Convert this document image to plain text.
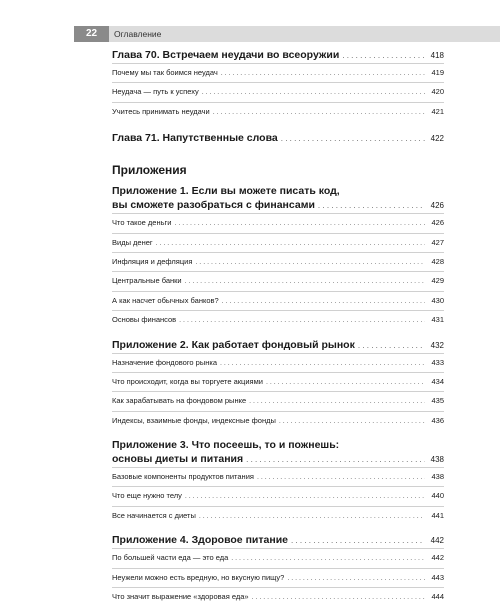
22	Оглавление
Глава 70. Встречаем неудачи во всеоружии . . .	418
Почему мы так боимся неудач . . .	419
Неудача — путь к успеху . . .	420
Учитесь принимать неудачи . . .	421
Глава 71. Напутственные слова . . .	422
Приложения
Приложение 1. Если вы можете писать код,
вы сможете разобраться с финансами . . .	426
Что такое деньги . . .	426
Виды денег . . .	427
Инфляция и дефляция . . .	428
Центральные банки . . .	429
А как насчет обычных банков? . . .	430
Основы финансов . . .	431
Приложение 2. Как работает фондовый рынок . . .	432
Назначение фондового рынка . . .	433
Что происходит, когда вы торгуете акциями . . .	434
Как зарабатывать на фондовом рынке . . .	435
Индексы, взаимные фонды, индексные фонды . . .	436
Приложение 3. Что посеешь, то и пожнешь:
основы диеты и питания . . .	438
Базовые компоненты продуктов питания . . .	438
Что еще нужно телу . . .	440
Все начинается с диеты . . .	441
Приложение 4. Здоровое питание . . .	442
По большей части еда — это еда . . .	442
Неужели можно есть вредную, но вкусную пищу? . . .	443
Что значит выражение «здоровая еда» . . .	444
